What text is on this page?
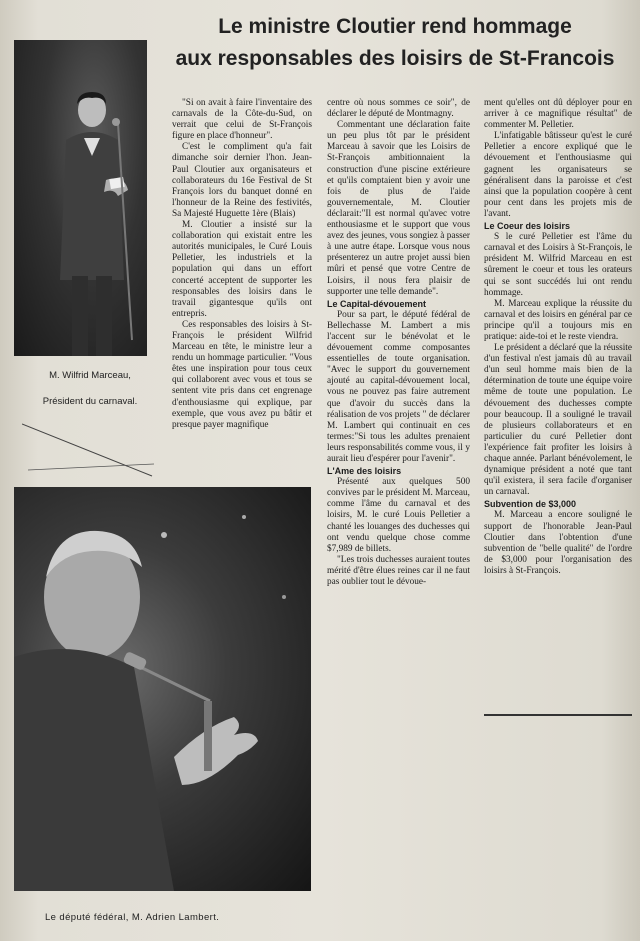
Le ministre Cloutier rend hommage
aux responsables des loisirs de St-Francois
M. Wilfrid Marceau,
Président du carnaval.
Le député fédéral, M. Adrien Lambert.

"Si on avait à faire l'inventaire des carnavals de la Côte-du-Sud, on verrait que celui de St-François figure en place d'honneur".

C'est le compliment qu'a fait dimanche soir dernier l'hon. Jean-Paul Cloutier aux organisateurs et collaborateurs du 16e Festival de St François lors du banquet donné en l'honneur de la Reine des festivités, Sa Majesté Huguette 1ère (Blais)

M. Cloutier a insisté sur la collaboration qui existait entre les autorités municipales, le Curé Louis Pelletier, les industriels et la population qui dans un effort concerté acceptent de supporter les responsables des loisirs dans le travail gigantesque qu'ils ont entrepris.

Ces responsables des loisirs à St-François le président Wilfrid Marceau en tête, le ministre leur a rendu un hommage particulier. "Vous êtes une inspiration pour tous ceux qui collaborent avec vous et tous se sentent vite pris dans cet engrenage d'enthousiasme qui explique, par exemple, que vous avez pu bâtir et presque payer magnifique

centre où nous sommes ce soir", de déclarer le député de Montmagny.

Commentant une déclaration faite un peu plus tôt par le président Marceau à savoir que les Loisirs de St-François ambitionnaient la construction d'une piscine extérieure et qu'ils comptaient bien y avoir une fois de plus de l'aide gouvernementale, M. Cloutier déclarait:"Il est normal qu'avec votre enthousiasme et le support que vous avez des jeunes, vous songiez à passer à une autre étape. Lorsque vous nous présenterez un autre projet aussi bien mûri et pensé que votre Centre de Loisirs, il nous fera plaisir de supporter une telle demande".

Le Capital-dévouement

Pour sa part, le député fédéral de Bellechasse M. Lambert a mis l'accent sur le bénévolat et le dévouement comme composantes essentielles de toute organisation. "Avec le support du gouvernement ajouté au capital-dévouement local, vous ne pouvez pas faire autrement que d'avoir du succès dans la réalisation de vos projets " de déclarer M. Lambert qui continuait en ces termes:"Si tous les adultes prenaient leurs responsabilités comme vous, il y aurait lieu d'espérer pour l'avenir".

L'Ame des loisirs

Présenté aux quelques 500 convives par le président M. Marceau, comme l'âme du carnaval et des loisirs, M. le curé Louis Pelletier a chanté les louanges des duchesses qui ont vendu quelque chose comme $7,989 de billets.

"Les trois duchesses auraient toutes mérité d'être élues reines car il ne faut pas oublier tout le dévoue-

ment qu'elles ont dû déployer pour en arriver à ce magnifique résultat" de commenter M. Pelletier.

L'infatigable bâtisseur qu'est le curé Pelletier a encore expliqué que le dévouement et l'enthousiasme qui gagnent les organisateurs se généralisent dans la paroisse et c'est ainsi que la population coopère à cent pour cent dans les projets mis de l'avant.

Le Coeur des loisirs

S le curé Pelletier est l'âme du carnaval et des Loisirs à St-François, le président M. Wilfrid Marceau en est sûrement le coeur et tous les orateurs qui se sont succédés lui ont rendu hommage.

M. Marceau explique la réussite du carnaval et des loisirs en général par ce principe qu'il a toujours mis en pratique: aide-toi et le reste viendra.

Le président a déclaré que la réussite d'un festival n'est jamais dû au travail d'un seul homme mais bien de la détermination de toute une équipe voire même de toute une population. Le dévouement des duchesses compte pour beaucoup. Il a souligné le travail de plusieurs collaborateurs et en particulier du curé Pelletier dont l'expérience fait profiter les loisirs à chaque année. Parlant bénévolement, le dynamique président a noté que tant qu'il existera, il sera facile d'organiser un carnaval.

Subvention de $3,000

M. Marceau a encore souligné le support de l'honorable Jean-Paul Cloutier dans l'obtention d'une subvention de "belle qualité" de l'ordre de $3,000 pour l'organisation des loisirs à St-François.
